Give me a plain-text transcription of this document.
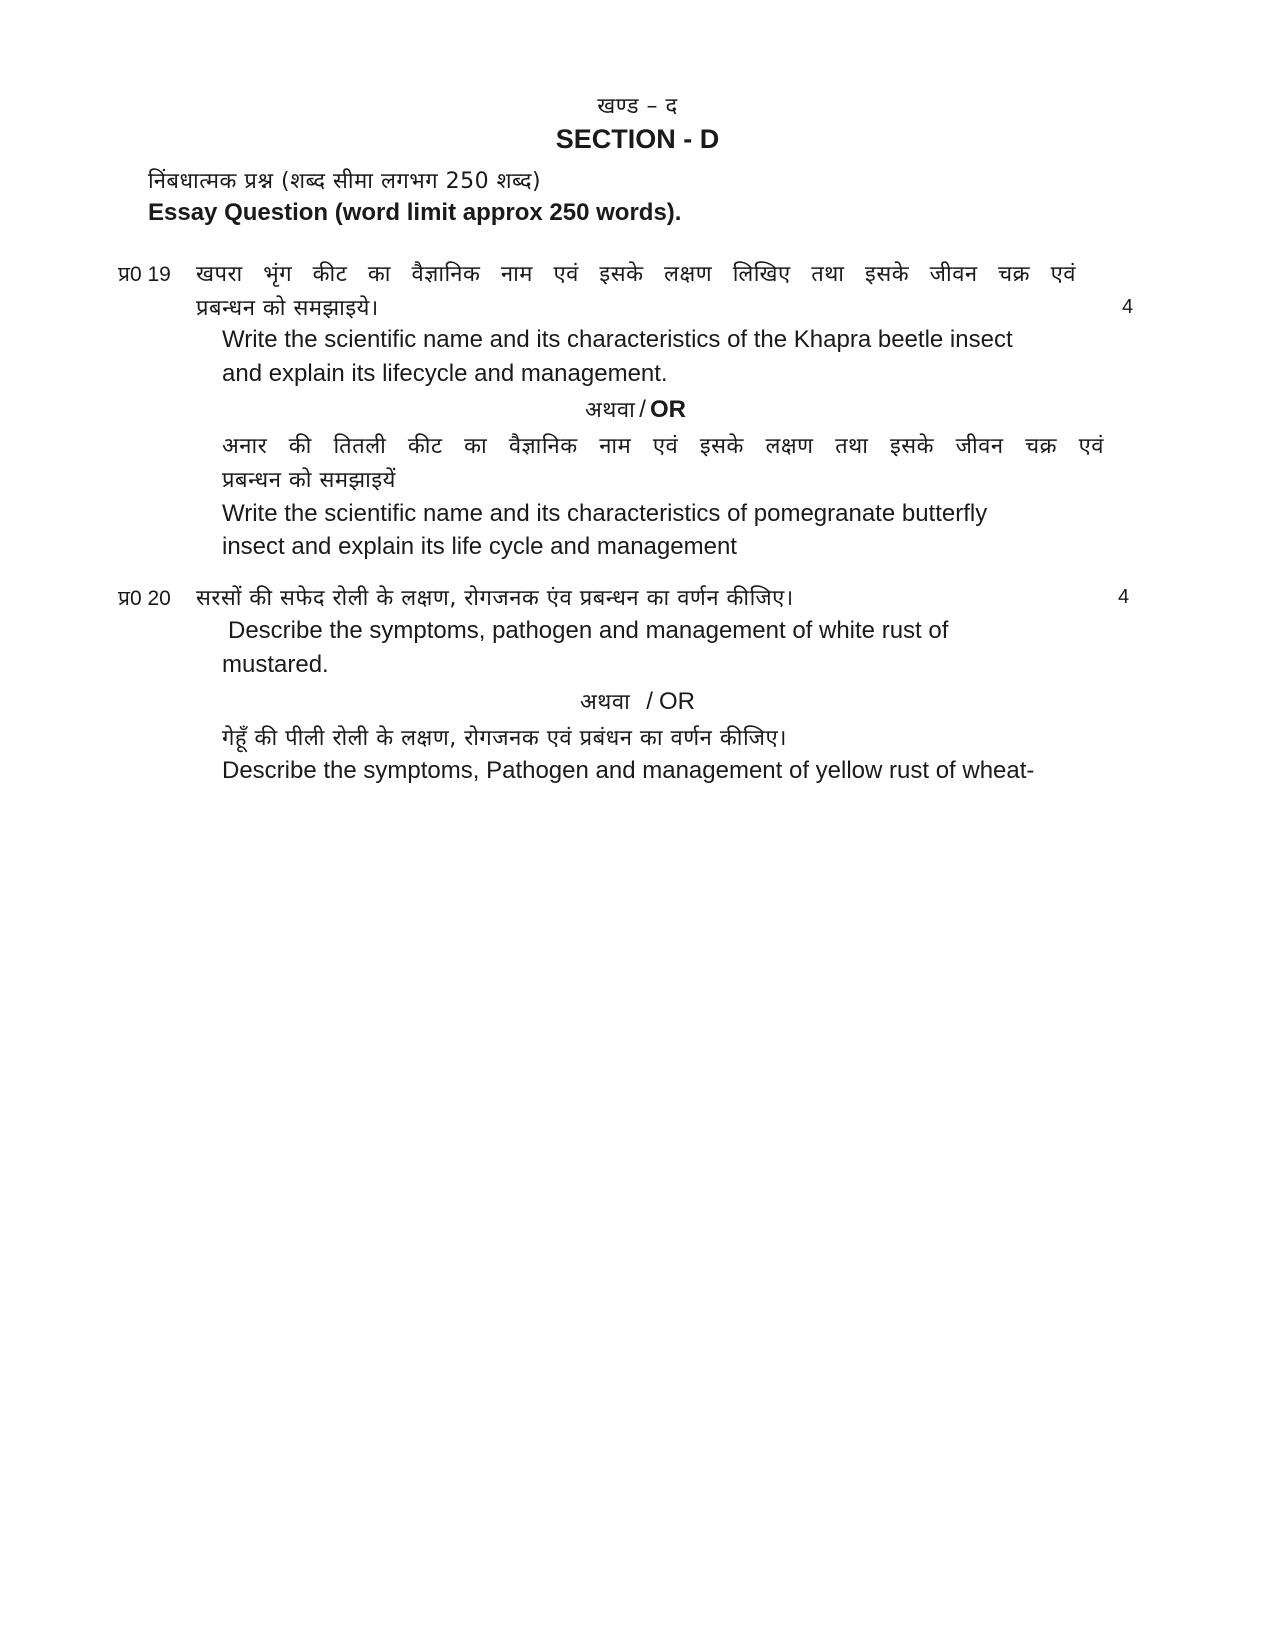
खण्ड – द
SECTION - D
निंबधात्मक प्रश्न (शब्द सीमा लगभग 250 शब्द)
Essay Question (word limit approx 250 words).
प्र0 19 खपरा भृंग कीट का वैज्ञानिक नाम एवं इसके लक्षण लिखिए तथा इसके जीवन चक्र एवं
प्रबन्धन को समझाइये।	4
Write the scientific name and its characteristics of the Khapra beetle insect
and explain its lifecycle and management.
अथवा / OR
अनार की तितली कीट का वैज्ञानिक नाम एवं इसके लक्षण तथा इसके जीवन चक्र एवं
प्रबन्धन को समझाइयें
Write the scientific name and its characteristics of pomegranate butterfly
insect and explain its life cycle and management
प्र0 20 सरसों की सफेद रोली के लक्षण, रोगजनक एंव प्रबन्धन का वर्णन कीजिए।	4
Describe the symptoms, pathogen and management of white rust of
mustared.
अथवा / OR
गेहूँ की पीली रोली के लक्षण, रोगजनक एवं प्रबंधन का वर्णन कीजिए।
Describe the symptoms, Pathogen and management of yellow rust of wheat-
